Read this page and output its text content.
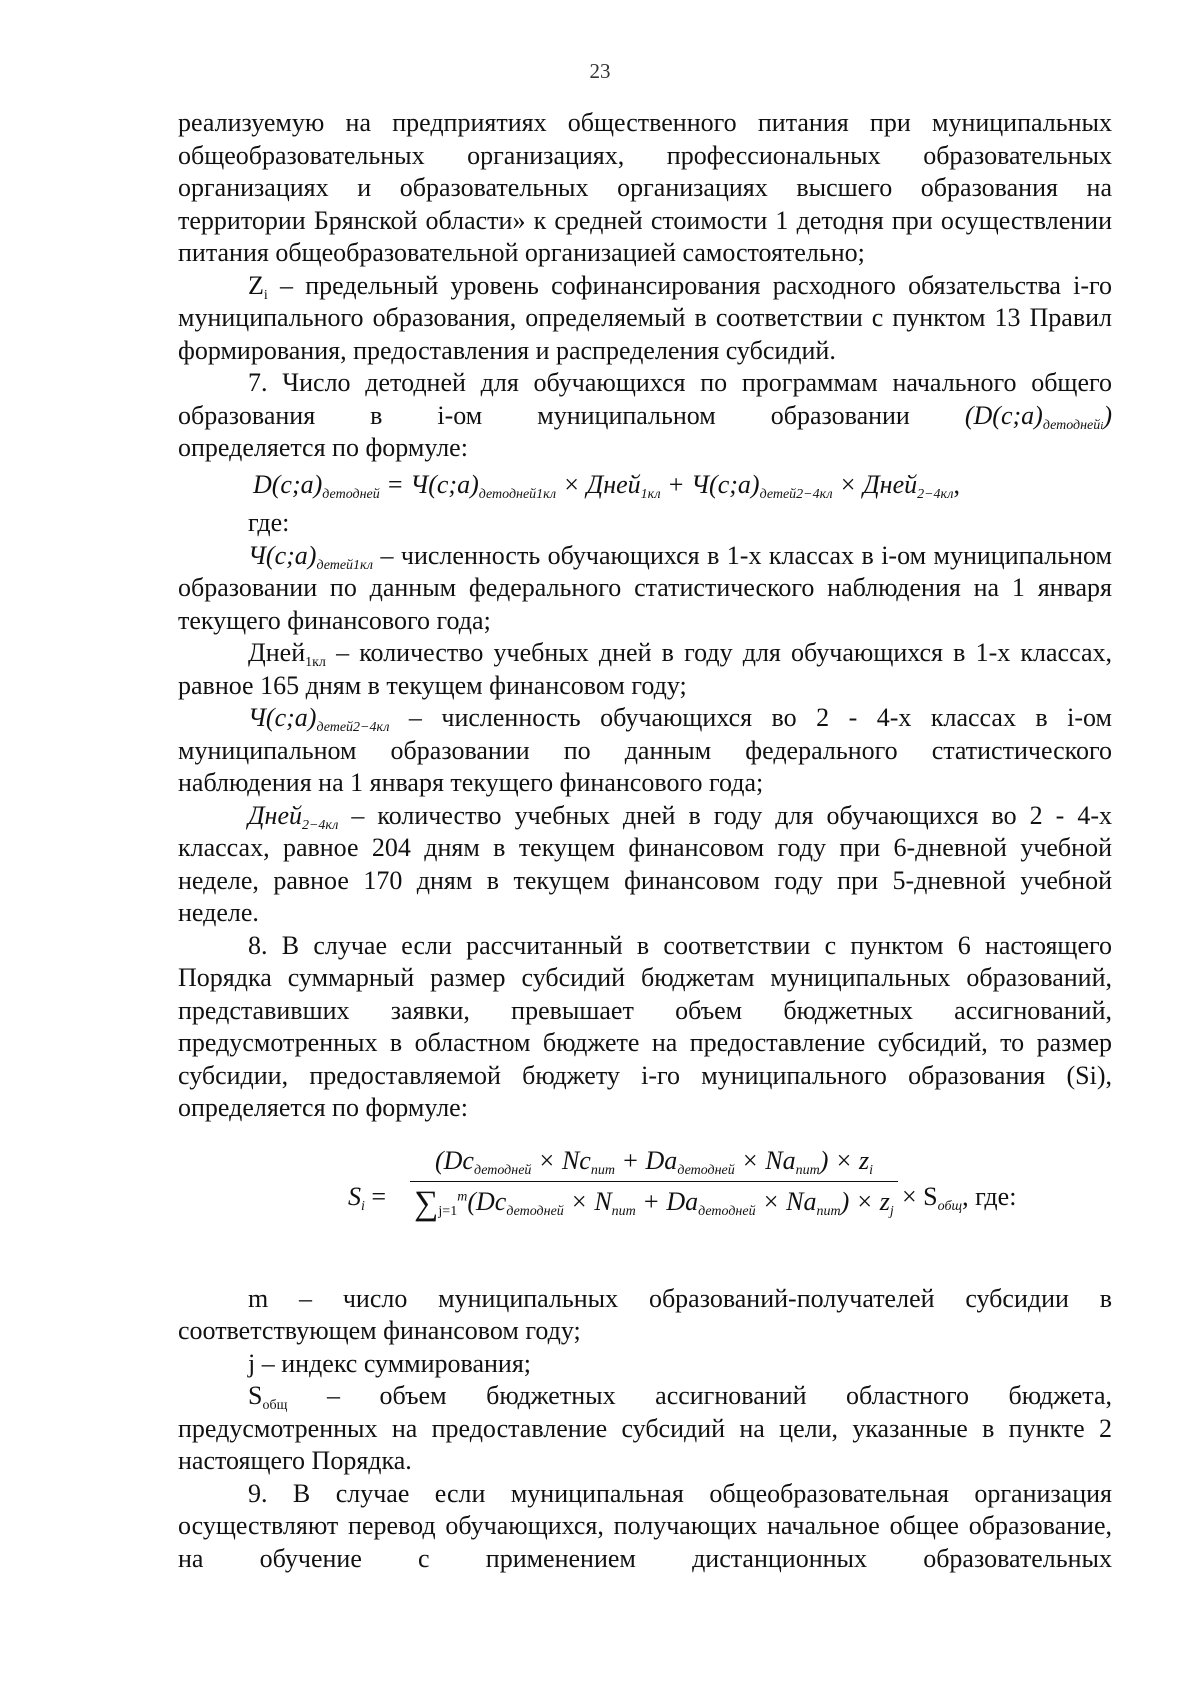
23

реализуемую на предприятиях общественного питания при муниципальных общеобразовательных организациях, профессиональных образовательных организациях и образовательных организациях высшего образования на территории Брянской области» к средней стоимости 1 детодня при осуществлении питания общеобразовательной организацией самостоятельно;

$Z_i$ – предельный уровень софинансирования расходного обязательства i-го муниципального образования, определяемый в соответствии с пунктом 13 Правил формирования, предоставления и распределения субсидий.

7. Число детодней для обучающихся по программам начального общего образования в i-ом муниципальном образовании $(D(c;a)_{детоднейi})$

определяется по формуле:

$D(c;a)_{детодней}$ = $Ч(c;a)_{детодней1кл}$ × Дней$_{1кл}$ + $Ч(c;a)_{детей2-4кл}$ × Дней$_{2-4кл}$,

где:

$Ч(c;a)_{детей1кл}$ – численность обучающихся в 1-х классах в i-ом муниципальном образовании по данным федерального статистического наблюдения на 1 января текущего финансового года;

Дней$_{1кл}$ – количество учебных дней в году для обучающихся в 1-х классах, равное 165 дням в текущем финансовом году;

$Ч(c;a)_{детей2-4кл}$ – численность обучающихся во 2 - 4-х классах в i-ом муниципальном образовании по данным федерального статистического наблюдения на 1 января текущего финансового года;

Дней$_{2-4кл}$ – количество учебных дней в году для обучающихся во 2 - 4-х классах, равное 204 дням в текущем финансовом году при 6-дневной учебной неделе, равное 170 дням в текущем финансовом году при 5-дневной учебной неделе.

8. В случае если рассчитанный в соответствии с пунктом 6 настоящего Порядка суммарный размер субсидий бюджетам муниципальных образований, представивших заявки, превышает объем бюджетных ассигнований, предусмотренных в областном бюджете на предоставление субсидий, то размер субсидии, предоставляемой бюджету i-го муниципального образования (Si), определяется по формуле:

$S_i$ =
$(Dc_{детодней} \times Nc_{пит} + Da_{детодней} \times Na_{пит}) \times z_i$
$\sum_{j=1}^m(Dc_{детодней} \times N_{пит} + Da_{детодней} \times Na_{пит}) \times z_j$
× $S_{общ}$, где:

m – число муниципальных образований-получателей субсидии в соответствующем финансовом году;

j – индекс суммирования;

$S_{общ}$ – объем бюджетных ассигнований областного бюджета, предусмотренных на предоставление субсидий на цели, указанные в пункте 2 настоящего Порядка.

9. В случае если муниципальная общеобразовательная организация осуществляют перевод обучающихся, получающих начальное общее образование, на обучение с применением дистанционных образовательных
